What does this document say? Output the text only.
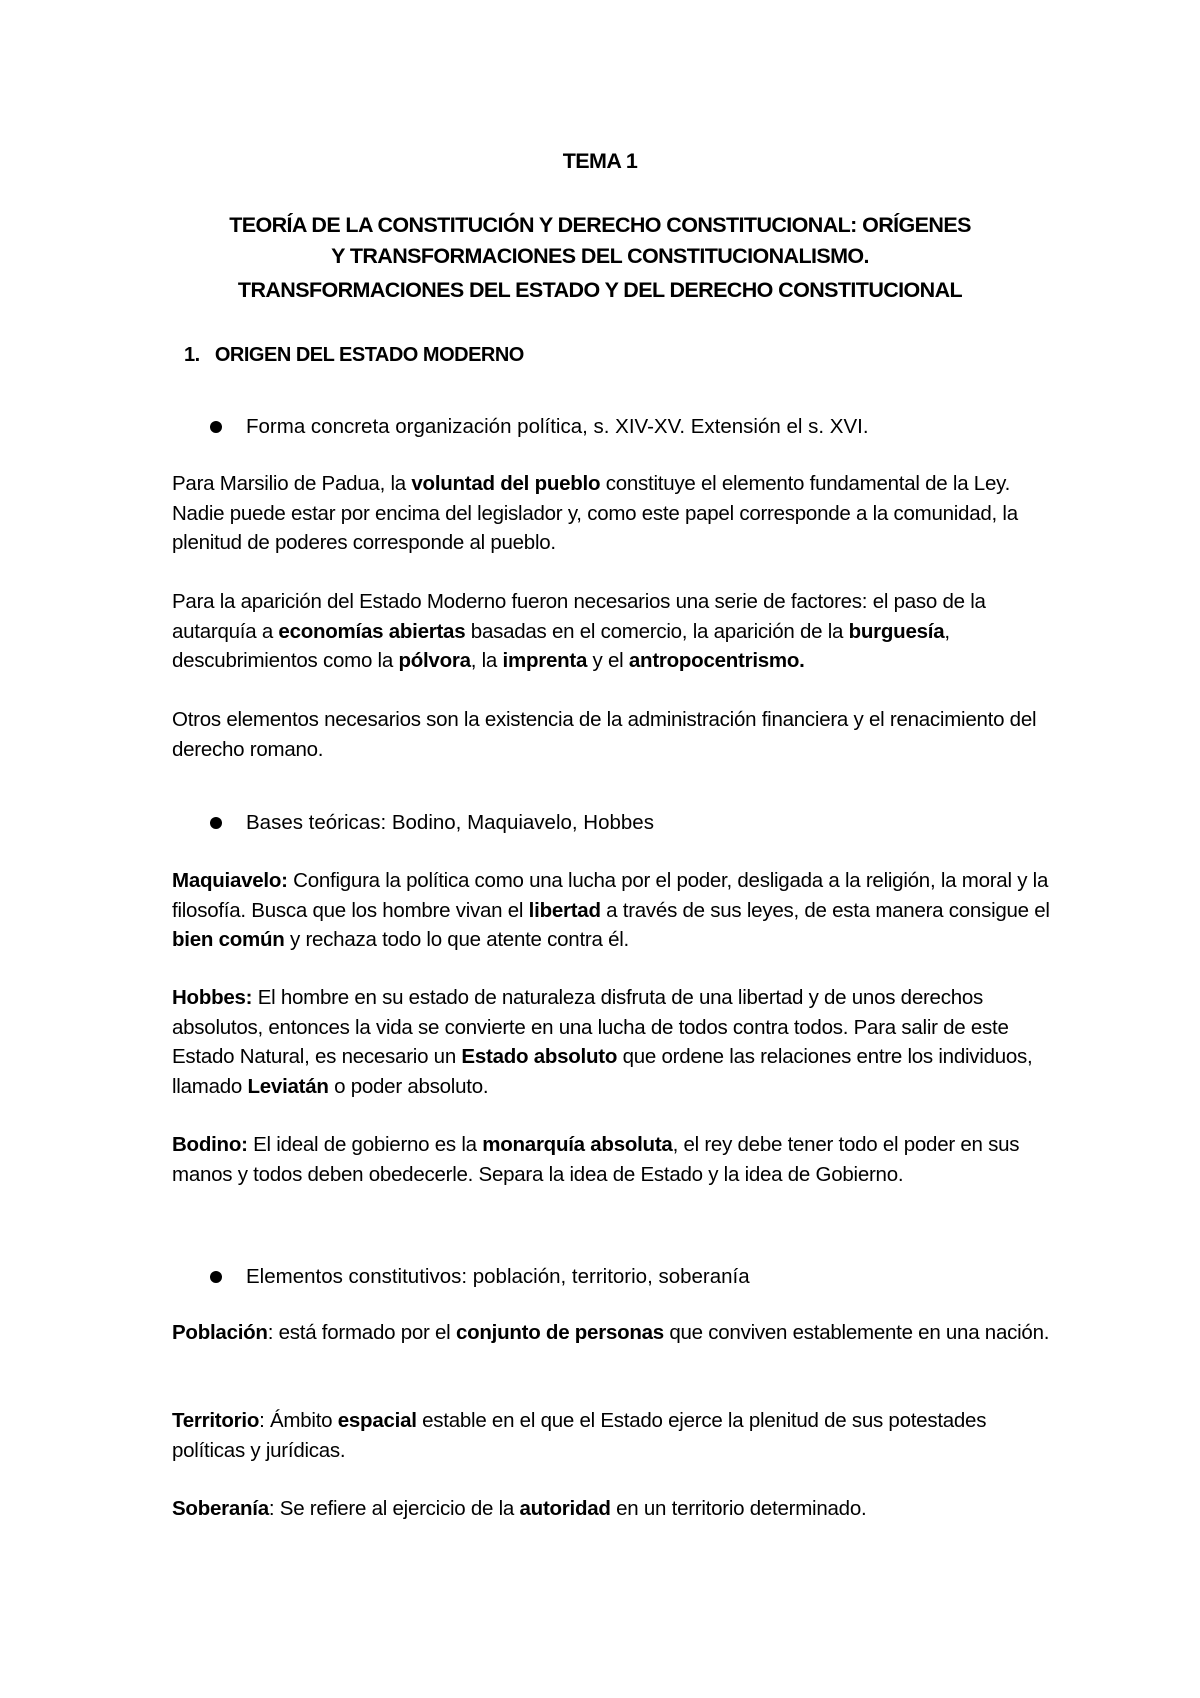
TEMA 1
TEORÍA DE LA CONSTITUCIÓN Y DERECHO CONSTITUCIONAL: ORÍGENES
Y TRANSFORMACIONES DEL CONSTITUCIONALISMO.
TRANSFORMACIONES DEL ESTADO Y DEL DERECHO CONSTITUCIONAL
1. ORIGEN DEL ESTADO MODERNO
Forma concreta organización política, s. XIV-XV. Extensión el s. XVI.
Para Marsilio de Padua, la voluntad del pueblo constituye el elemento fundamental de la Ley. Nadie puede estar por encima del legislador y, como este papel corresponde a la comunidad, la plenitud de poderes corresponde al pueblo.
Para la aparición del Estado Moderno fueron necesarios una serie de factores: el paso de la autarquía a economías abiertas basadas en el comercio, la aparición de la burguesía, descubrimientos como la pólvora, la imprenta y el antropocentrismo.
Otros elementos necesarios son la existencia de la administración financiera y el renacimiento del derecho romano.
Bases teóricas: Bodino, Maquiavelo, Hobbes
Maquiavelo: Configura la política como una lucha por el poder, desligada a la religión, la moral y la filosofía. Busca que los hombre vivan el libertad a través de sus leyes, de esta manera consigue el bien común y rechaza todo lo que atente contra él.
Hobbes: El hombre en su estado de naturaleza disfruta de una libertad y de unos derechos absolutos, entonces la vida se convierte en una lucha de todos contra todos. Para salir de este Estado Natural, es necesario un Estado absoluto que ordene las relaciones entre los individuos, llamado Leviatán o poder absoluto.
Bodino: El ideal de gobierno es la monarquía absoluta, el rey debe tener todo el poder en sus manos y todos deben obedecerle. Separa la idea de Estado y la idea de Gobierno.
Elementos constitutivos: población, territorio, soberanía
Población: está formado por el conjunto de personas que conviven establemente en una nación.
Territorio: Ámbito espacial estable en el que el Estado ejerce la plenitud de sus potestades políticas y jurídicas.
Soberanía: Se refiere al ejercicio de la autoridad en un territorio determinado.
